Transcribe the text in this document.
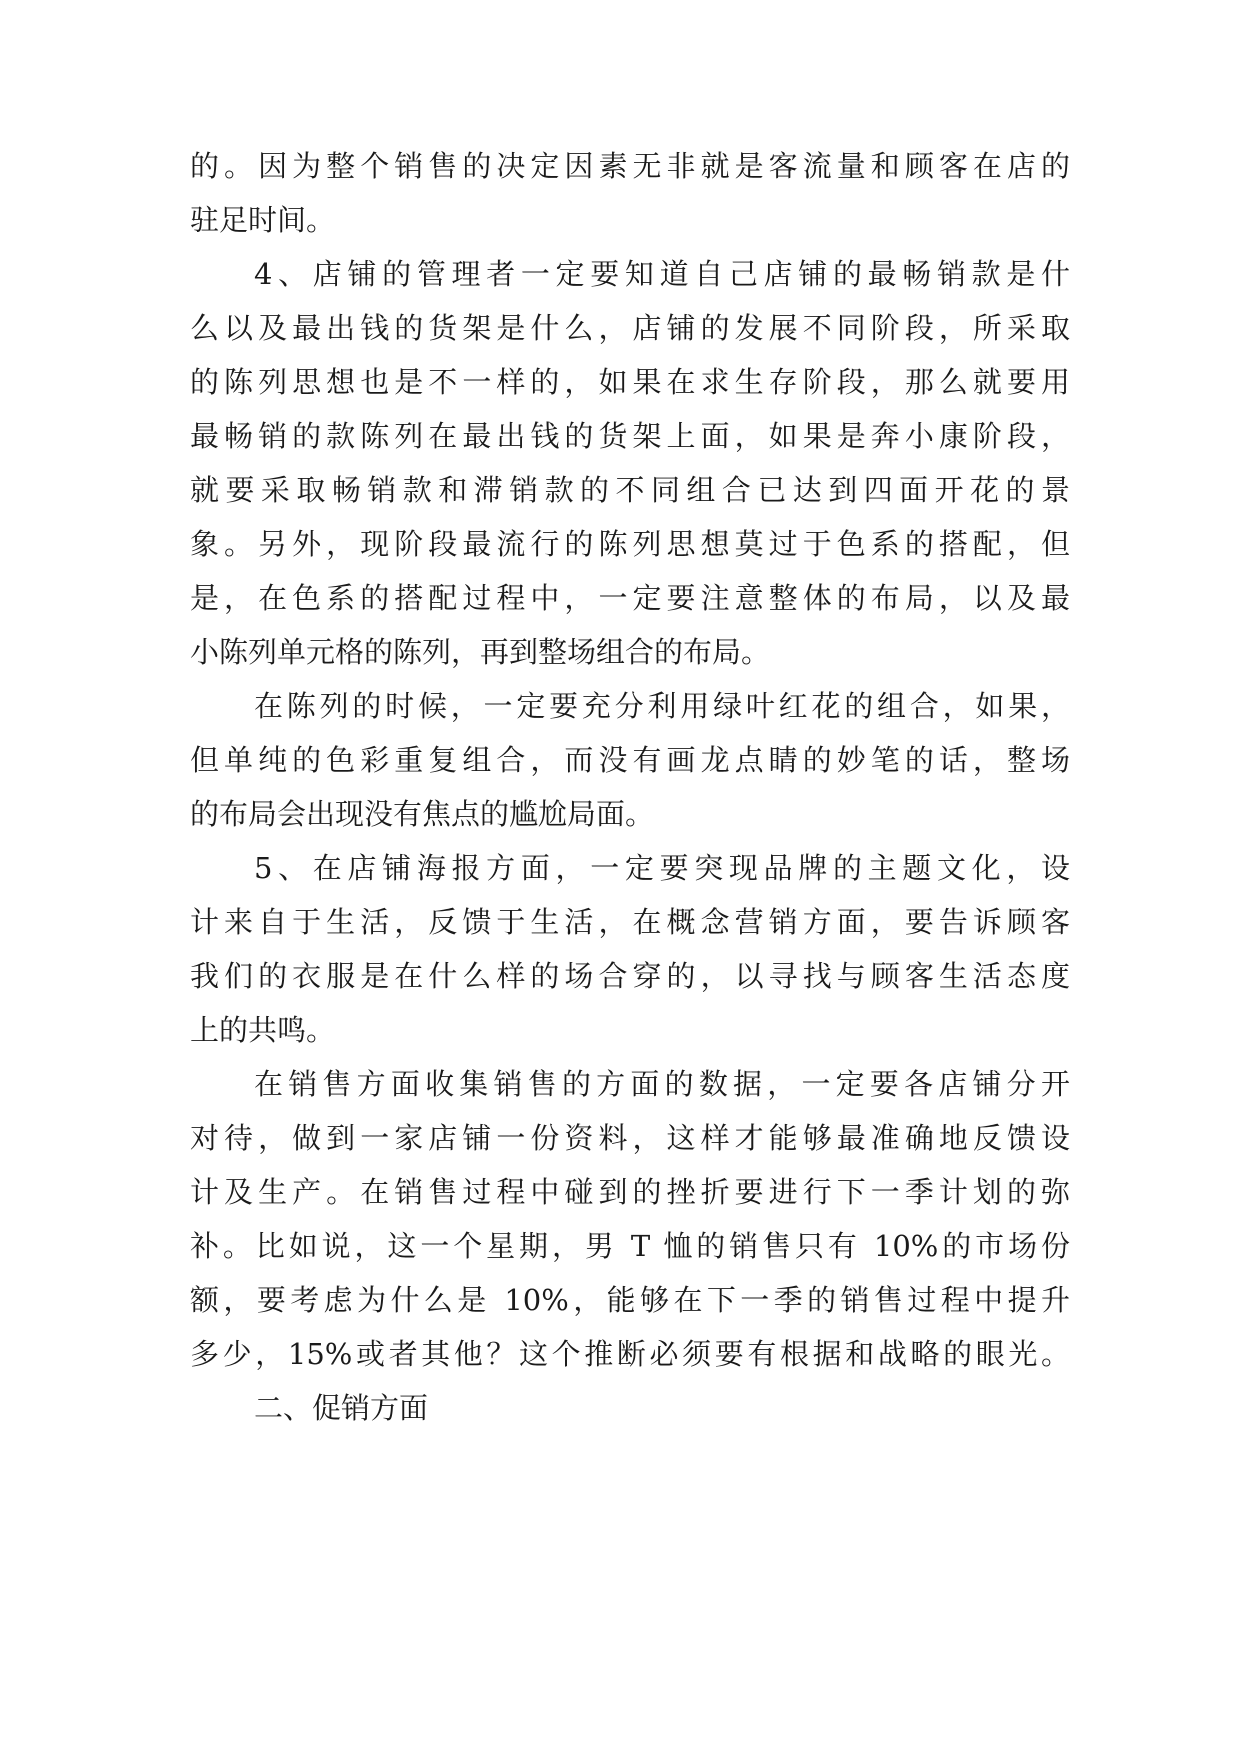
的。因为整个销售的决定因素无非就是客流量和顾客在店的
驻足时间。
4、店铺的管理者一定要知道自己店铺的最畅销款是什
么以及最出钱的货架是什么，店铺的发展不同阶段，所采取
的陈列思想也是不一样的，如果在求生存阶段，那么就要用
最畅销的款陈列在最出钱的货架上面，如果是奔小康阶段，
就要采取畅销款和滞销款的不同组合已达到四面开花的景
象。另外，现阶段最流行的陈列思想莫过于色系的搭配，但
是，在色系的搭配过程中，一定要注意整体的布局，以及最
小陈列单元格的陈列，再到整场组合的布局。
在陈列的时候，一定要充分利用绿叶红花的组合，如果，
但单纯的色彩重复组合，而没有画龙点睛的妙笔的话，整场
的布局会出现没有焦点的尴尬局面。
5、在店铺海报方面，一定要突现品牌的主题文化，设
计来自于生活，反馈于生活，在概念营销方面，要告诉顾客
我们的衣服是在什么样的场合穿的，以寻找与顾客生活态度
上的共鸣。
在销售方面收集销售的方面的数据，一定要各店铺分开
对待，做到一家店铺一份资料，这样才能够最准确地反馈设
计及生产。在销售过程中碰到的挫折要进行下一季计划的弥
补。比如说，这一个星期，男 T 恤的销售只有 10%的市场份
额，要考虑为什么是 10%，能够在下一季的销售过程中提升
多少，15%或者其他？这个推断必须要有根据和战略的眼光。
二、促销方面
